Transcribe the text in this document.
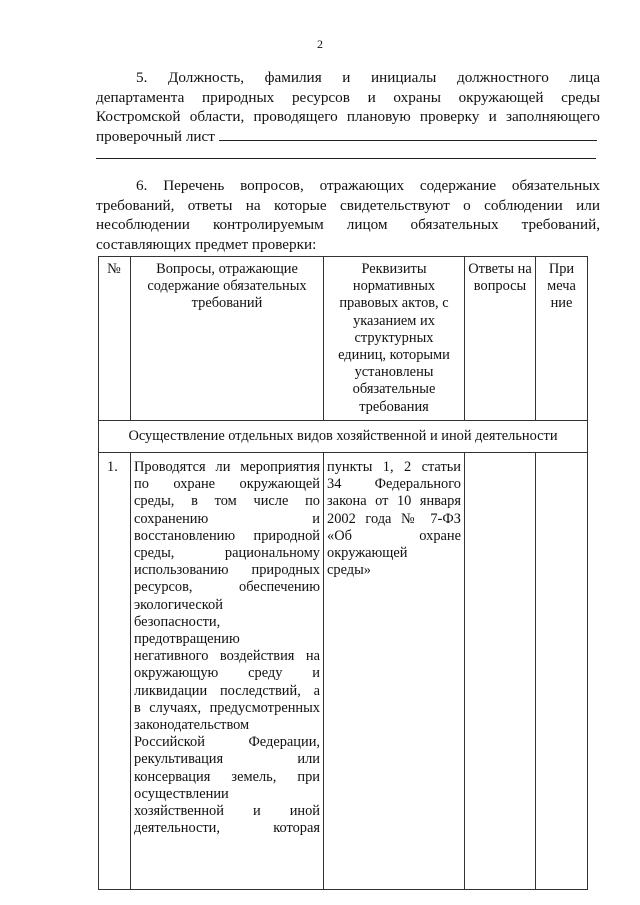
2
5. Должность, фамилия и инициалы должностного лица
департамента природных ресурсов и охраны окружающей среды
Костромской области, проводящего плановую проверку и заполняющего
проверочный лист
6. Перечень вопросов, отражающих содержание обязательных
требований, ответы на которые свидетельствуют о соблюдении или
несоблюдении контролируемым лицом обязательных требований,
составляющих предмет проверки:
№	Вопросы, отражающие
содержание обязательных
требований
Реквизиты
нормативных
правовых актов, с
указанием их
структурных
единиц, которыми
установлены
обязательные
требования
Ответы на
вопросы
При
меча
ние
Осуществление отдельных видов хозяйственной и иной деятельности
1.	Проводятся ли мероприятия
по охране окружающей
среды, в том числе по
сохранению и
восстановлению природной
среды, рациональному
использованию природных
ресурсов, обеспечению
экологической
безопасности,
предотвращению
негативного воздействия на
окружающую среду и
ликвидации последствий, а
в случаях, предусмотренных
законодательством
Российской Федерации,
рекультивация или
консервация земель, при
осуществлении
хозяйственной и иной
деятельности, которая
пункты 1, 2 статьи
34 Федерального
закона от 10 января
2002 года № 7-ФЗ
«Об охране
окружающей
среды»
